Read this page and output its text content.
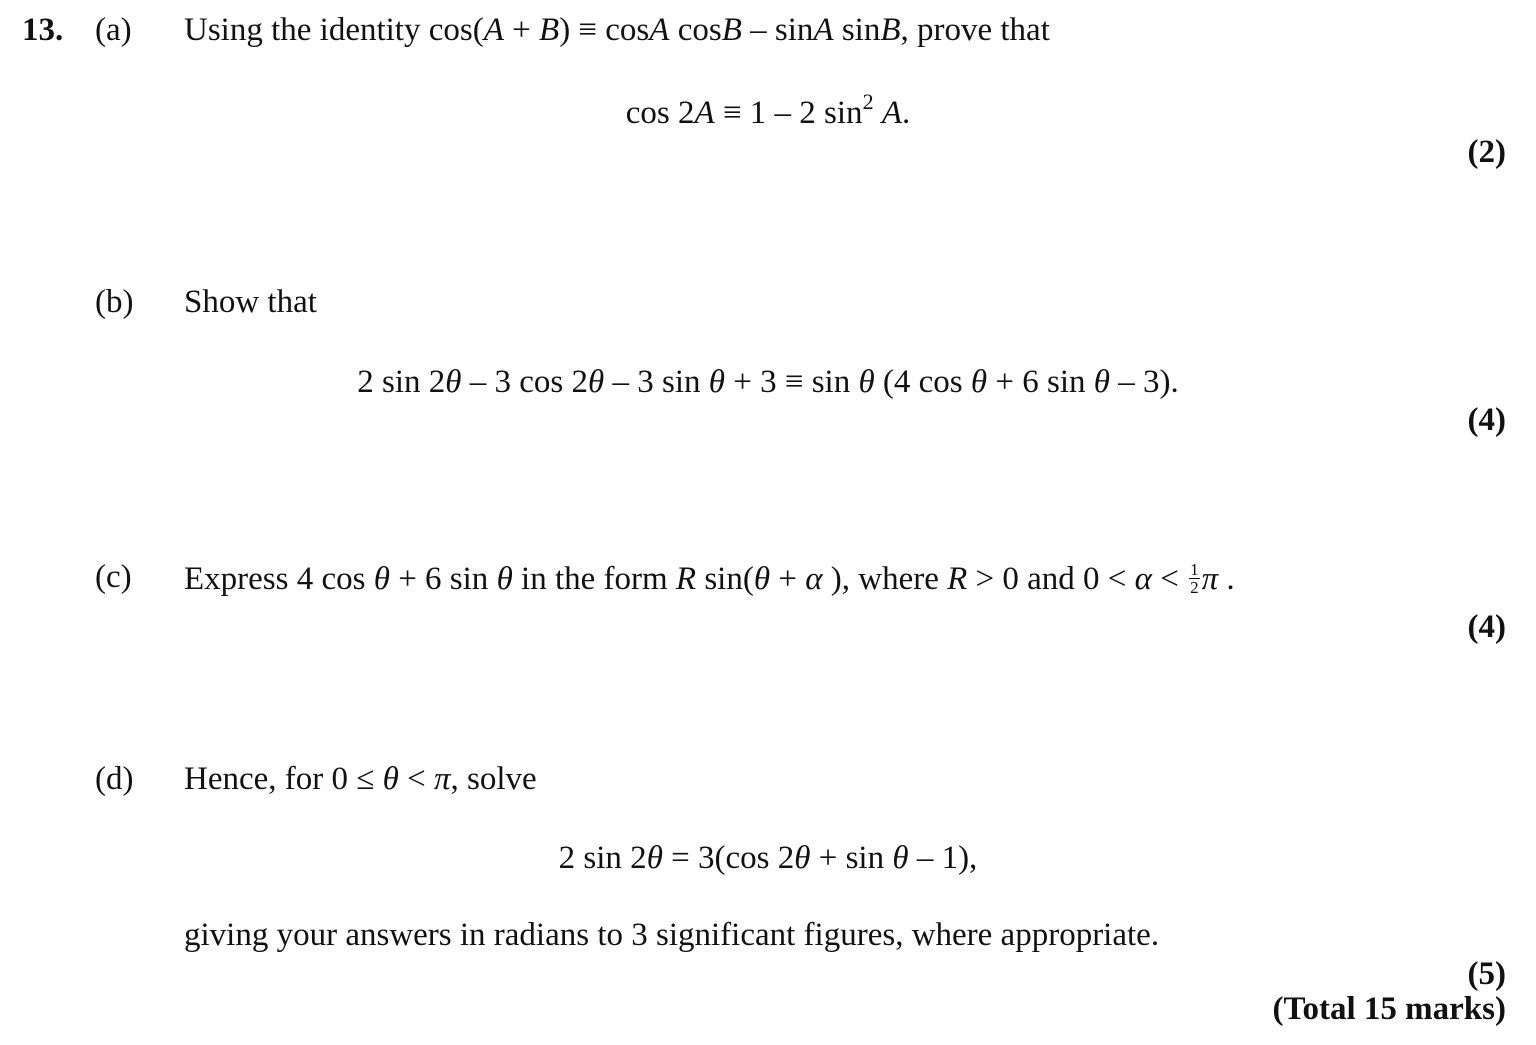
13. (a) Using the identity cos(A + B) ≡ cosA cosB – sinA sinB, prove that
cos 2A ≡ 1 – 2 $\sin^2 A$.
(2)
(b) Show that
2 sin 2θ – 3 cos 2θ – 3 sin θ + 3 ≡ sin θ (4 cos θ + 6 sin θ – 3).
(4)
(c) Express 4 cos θ + 6 sin θ in the form R sin(θ + α ), where R > 0 and $0 < \alpha < \frac{1}{2}$ π .
(4)
(d) Hence, for 0 ≤ θ < π, solve
2 sin 2θ = 3(cos 2θ + sin θ – 1),
giving your answers in radians to 3 significant figures, where appropriate.
(5)
(Total 15 marks)
